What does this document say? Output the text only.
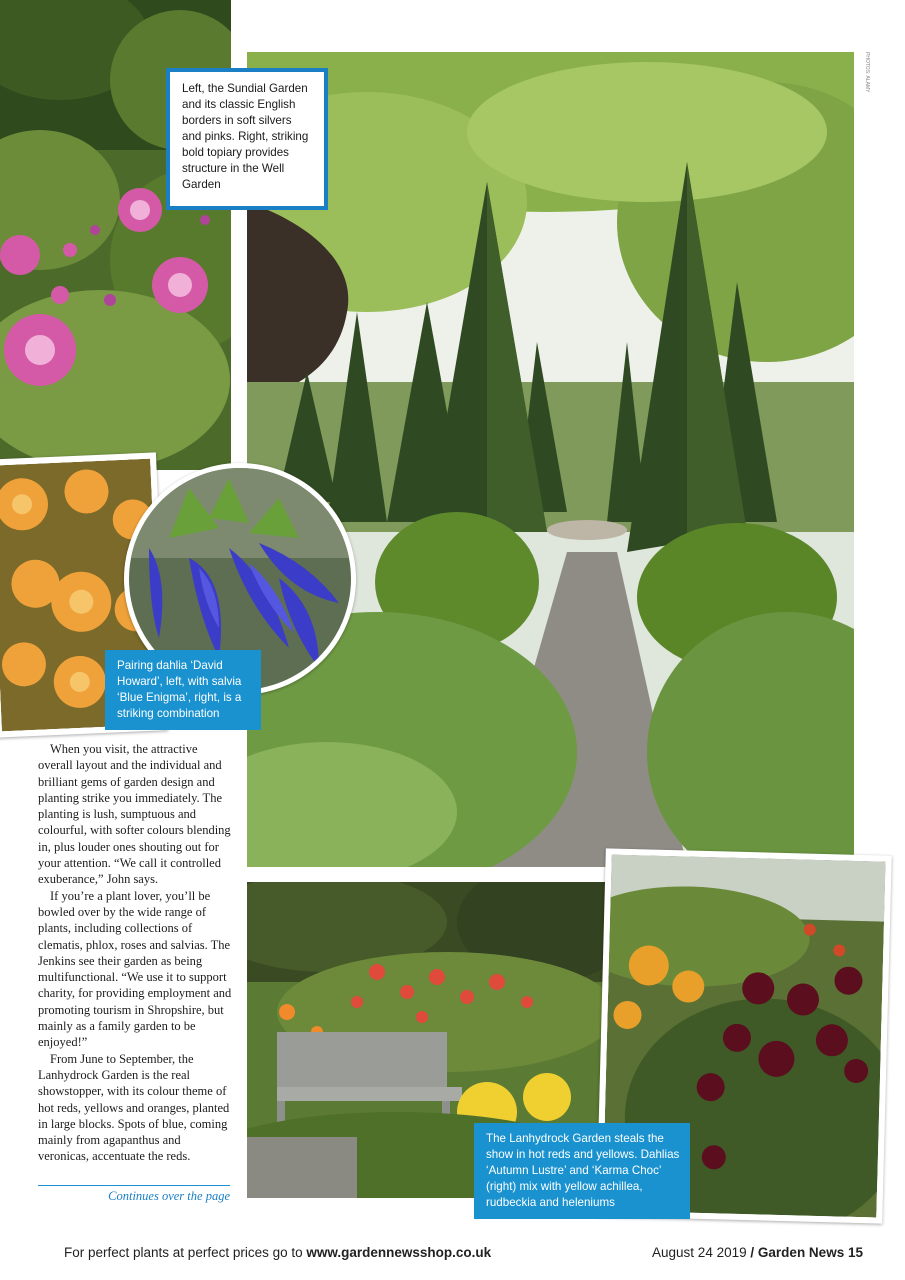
PHOTOS: ALAMY

Left, the Sundial Garden and its classic English borders in soft silvers and pinks. Right, striking bold topiary provides structure in the Well Garden

Pairing dahlia ‘David Howard’, left, with salvia ‘Blue Enigma’, right, is a striking combination

When you visit, the attractive overall layout and the individual and brilliant gems of garden design and planting strike you immediately. The planting is lush, sumptuous and colourful, with softer colours blending in, plus louder ones shouting out for your attention. “We call it controlled exuberance,” John says.

If you’re a plant lover, you’ll be bowled over by the wide range of plants, including collections of clematis, phlox, roses and salvias. The Jenkins see their garden as being multifunctional. “We use it to support charity, for providing employment and promoting tourism in Shropshire, but mainly as a family garden to be enjoyed!”

From June to September, the Lanhydrock Garden is the real showstopper, with its colour theme of hot reds, yellows and oranges, planted in large blocks. Spots of blue, coming mainly from agapanthus and veronicas, accentuate the reds.

Continues over the page

The Lanhydrock Garden steals the show in hot reds and yellows. Dahlias ‘Autumn Lustre’ and ‘Karma Choc’ (right) mix with yellow achillea, rudbeckia and heleniums

For perfect plants at perfect prices go to www.gardennewsshop.co.uk	August 24 2019 / Garden News 15
